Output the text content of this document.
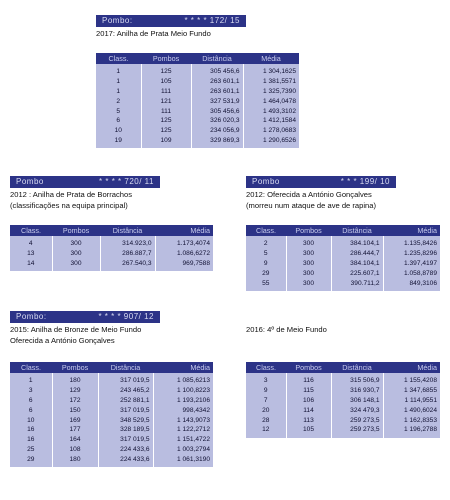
Pombo:	* * * * 172/ 15
2017: Anilha de Prata Meio Fundo
Class.	Pombos	Distância	Média
1	125	305 456,6	1 304,1625
1	105	263 601,1	1 381,5571
1	111	263 601,1	1 325,7390
2	121	327 531,9	1 464,0478
5	111	305 456,6	1 493,3102
6	125	326 020,3	1 412,1584
10	125	234 056,9	1 278,0683
19	109	329 869,3	1 290,6526
Pombo	* * * * 720/ 11
2012 : Anilha de Prata de Borrachos
(classificações na equipa principal)
Class.	Pombos	Distância	Média
4	300	314.923,0	1.173,4074
13	300	286.887,7	1.086,6272
14	300	267.540,3	969,7588
Pombo	* * * 199/ 10
2012: Oferecida a António Gonçalves
(morreu num ataque de ave de rapina)
Class.	Pombos	Distância	Média
2	300	384.104,1	1.135,8426
5	300	286.444,7	1.235,8296
9	300	384.104,1	1.397,4197
29	300	225.607,1	1.058,8789
55	300	390.711,2	849,3106
Pombo:	* * * * 907/ 12
2015: Anilha de Bronze de Meio Fundo
Oferecida a António Gonçalves
Class.	Pombos	Distância	Média
1	180	317 019,5	1 085,6213
3	129	243 465,2	1 100,8223
6	172	252 881,1	1 193,2106
6	150	317 019,5	998,4342
10	169	348 529,5	1 143,9073
16	177	328 189,5	1 122,2712
16	164	317 019,5	1 151,4722
25	108	224 433,6	1 003,2794
29	180	224 433,6	1 061,3190
2016: 4º de Meio Fundo
Class.	Pombos	Distância	Média
3	116	315 506,9	1 155,4208
9	115	316 930,7	1 347,6855
7	106	306 148,1	1 114,9551
20	114	324 479,3	1 490,6024
28	113	259 273,5	1 162,8353
12	105	259 273,5	1 196,2788
